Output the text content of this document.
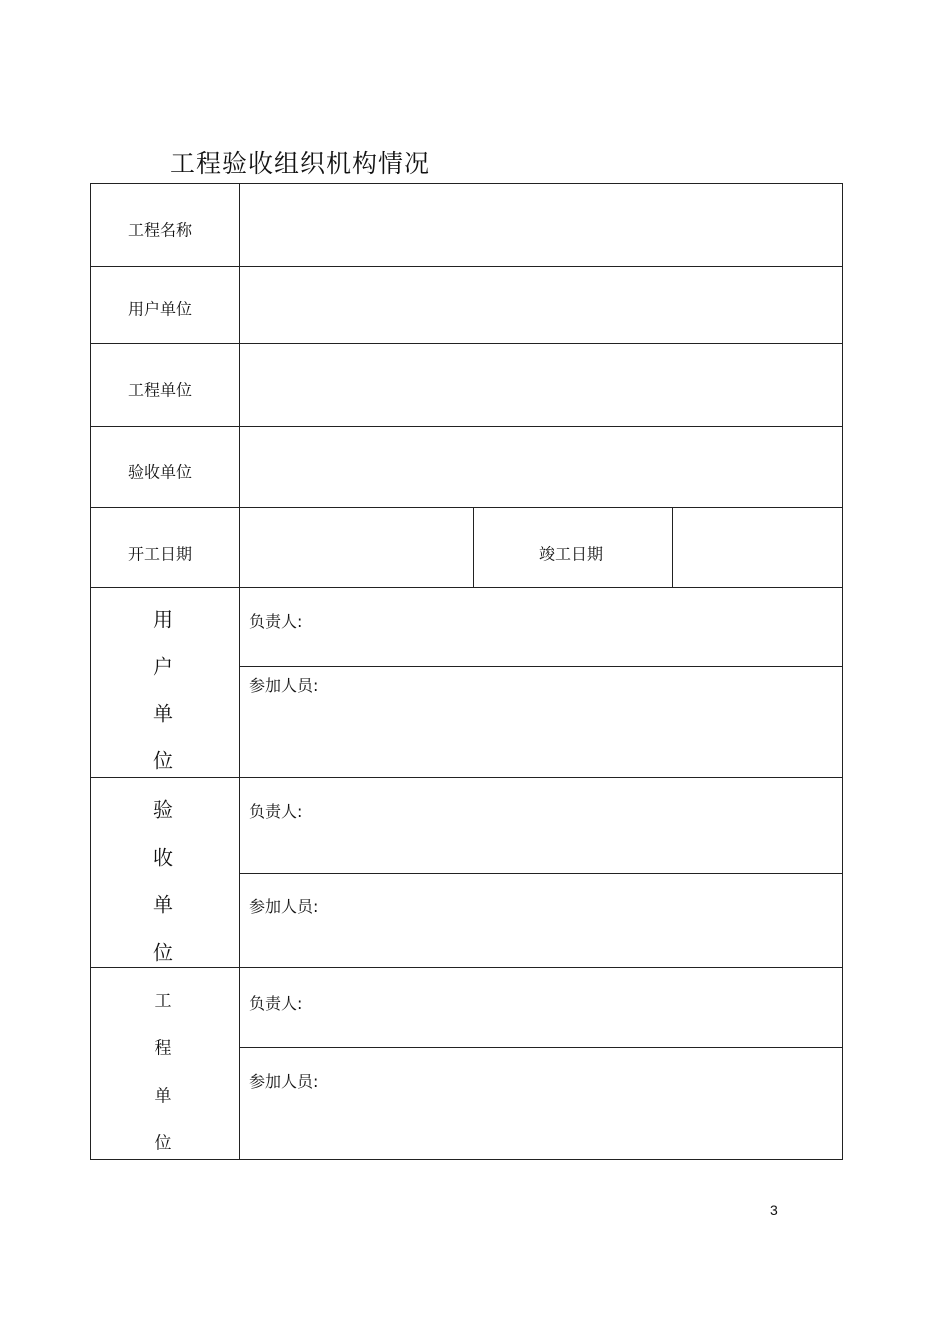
工程验收组织机构情况
工程名称
用户单位
工程单位
验收单位
开工日期	竣工日期
用
户
单
位
负责人:
参加人员:
验
收
单
位
负责人:
参加人员:
工
程
单
位
负责人:
参加人员:
3
